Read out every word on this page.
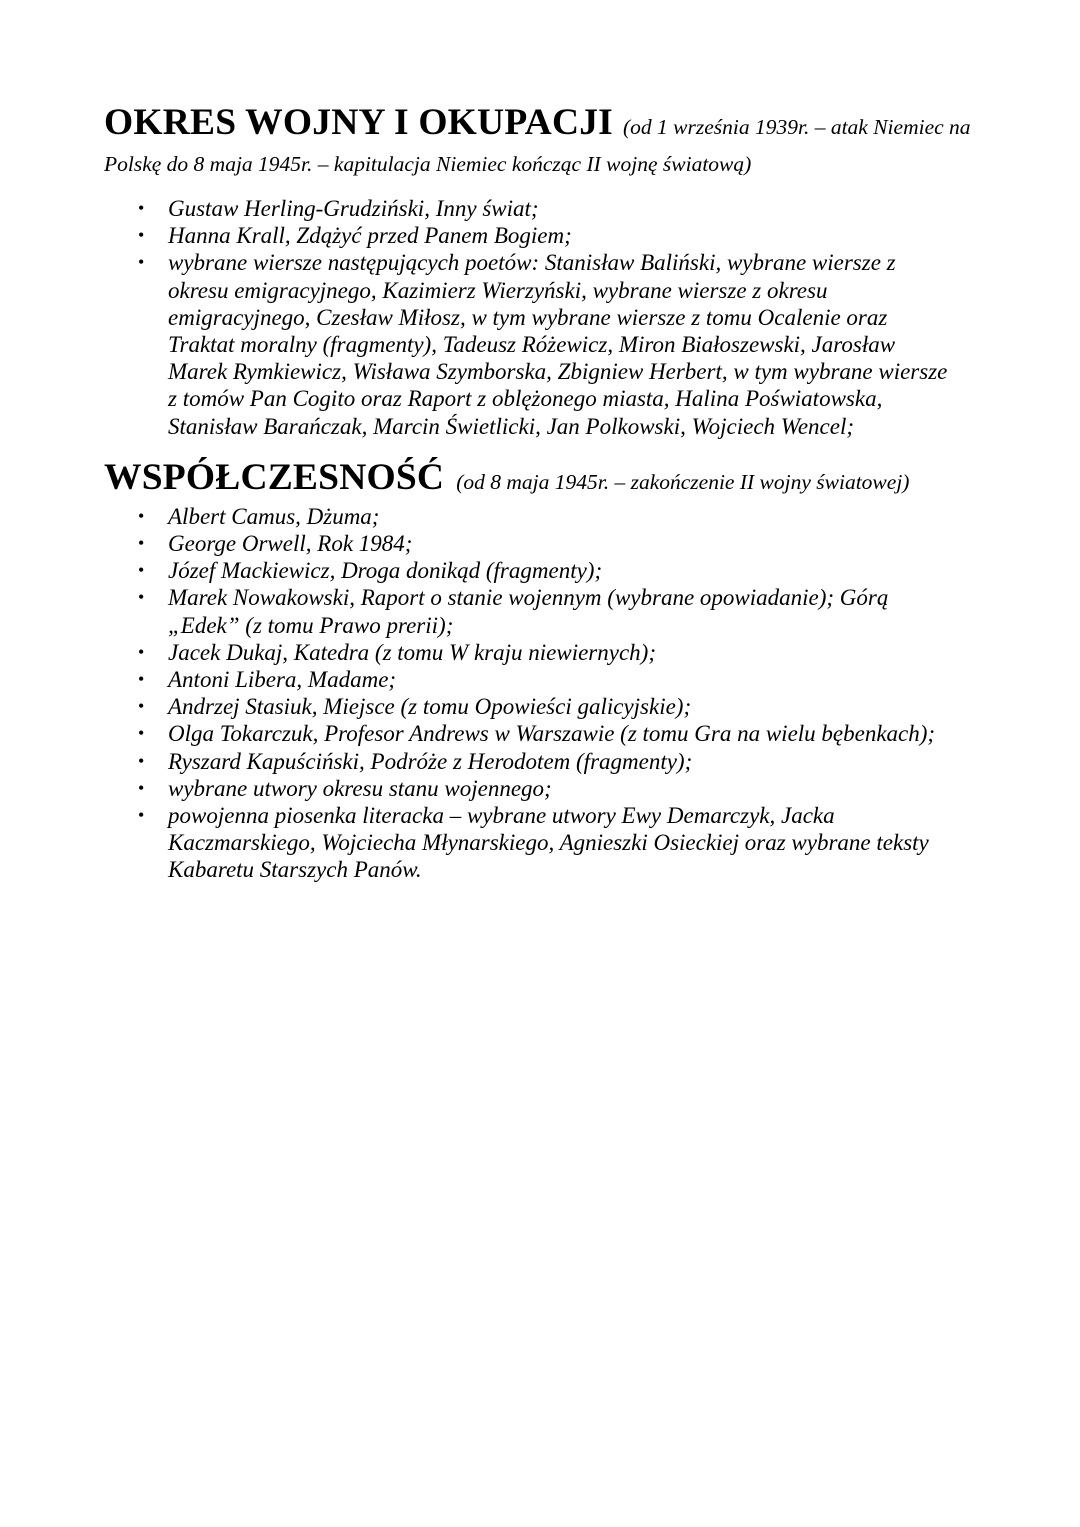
OKRES WOJNY I OKUPACJI (od 1 września 1939r. – atak Niemiec na

Polskę do 8 maja 1945r. – kapitulacja Niemiec kończąc II wojnę światową)
• Gustaw Herling-Grudziński, Inny świat;
• Hanna Krall, Zdążyć przed Panem Bogiem;
• wybrane wiersze następujących poetów: Stanisław Baliński, wybrane wiersze z
okresu emigracyjnego, Kazimierz Wierzyński, wybrane wiersze z okresu
emigracyjnego, Czesław Miłosz, w tym wybrane wiersze z tomu Ocalenie oraz
Traktat moralny (fragmenty), Tadeusz Różewicz, Miron Białoszewski, Jarosław
Marek Rymkiewicz, Wisława Szymborska, Zbigniew Herbert, w tym wybrane wiersze
z tomów Pan Cogito oraz Raport z oblężonego miasta, Halina Poświatowska,
Stanisław Barańczak, Marcin Świetlicki, Jan Polkowski, Wojciech Wencel;

WSPÓŁCZESNOŚĆ (od 8 maja 1945r. – zakończenie II wojny światowej)

• Albert Camus, Dżuma;
• George Orwell, Rok 1984;
• Józef Mackiewicz, Droga donikąd (fragmenty);
• Marek Nowakowski, Raport o stanie wojennym (wybrane opowiadanie); Górą
„Edek” (z tomu Prawo prerii);
• Jacek Dukaj, Katedra (z tomu W kraju niewiernych);
• Antoni Libera, Madame;
• Andrzej Stasiuk, Miejsce (z tomu Opowieści galicyjskie);
• Olga Tokarczuk, Profesor Andrews w Warszawie (z tomu Gra na wielu bębenkach);
• Ryszard Kapuściński, Podróże z Herodotem (fragmenty);
• wybrane utwory okresu stanu wojennego;
• powojenna piosenka literacka – wybrane utwory Ewy Demarczyk, Jacka
Kaczmarskiego, Wojciecha Młynarskiego, Agnieszki Osieckiej oraz wybrane teksty
Kabaretu Starszych Panów.
